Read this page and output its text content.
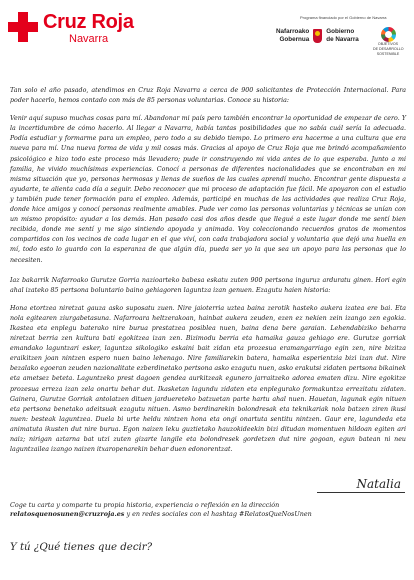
Cruz Roja
Navarra
Programa financiado por el Gobierno de Navarra
Nafarroako
Gobernua
Gobierno
de Navarra
OBJETIVOS
DE DESARROLLO
SOSTENIBLE

Tan solo el año pasado, atendimos en Cruz Roja Navarra a cerca de 900 solicitantes de Protección Internacional. Para poder hacerlo, hemos contado con más de 85 personas voluntarias. Conoce su historia:

Venir aquí supuso muchas cosas para mí. Abandonar mi país pero también encontrar la oportunidad de empezar de cero. Y la incertidumbre de cómo hacerlo. Al llegar a Navarra, había tantas posibilidades que no sabía cuál sería la adecuada. Podía estudiar y formarme para un empleo, pero todo a su debido tiempo. Lo primero era hacerme a una cultura que era nueva para mí. Una nueva forma de vida y mil cosas más. Gracias al apoyo de Cruz Roja que me brindó acompañamiento psicológico e hizo todo este proceso más llevadero; pude ir construyendo mi vida antes de lo que esperaba. Junto a mi familia, he vivido muchísimas experiencias. Conocí a personas de diferentes nacionalidades que se encontraban en mi misma situación que yo, personas hermosas y llenas de sueños de las cuales aprendí mucho. Encontrar gente dispuesta a ayudarte, te alienta cada día a seguir. Debo reconocer que mi proceso de adaptación fue fácil. Me apoyaron con el estudio y también pude tener formación para el empleo. Además, participé en muchas de las actividades que realiza Cruz Roja, donde hice amigos y conocí personas realmente amables. Pude ver como las personas voluntarias y técnicas se unían con un mismo propósito: ayudar a los demás. Han pasado casi dos años desde que llegué a este lugar donde me sentí bien recibida, donde me sentí y me sigo sintiendo apoyada y animada. Voy coleccionando recuerdos gratos de momentos compartidos con los vecinos de cada lugar en el que viví, con cada trabajadora social y voluntaria que dejó una huella en mí, todo esto lo guardo con la esperanza de que algún día, pueda ser yo la que sea un apoyo para las personas que lo necesiten.

Iaz bakarrik Nafarroako Gurutze Gorria nazioarteko babesa eskatu zuten 900 pertsona inguruz arduratu ginen. Hori egin ahal izateko 85 pertsona boluntario baino gehiagoren laguntza izan genuen. Ezagutu haien historia:

Hona etortzea niretzat gauza asko suposatu zuen. Nire jaioterria uztea baina zerotik hasteko aukera izatea ere bai. Eta nola egitearen ziurgabetasuna. Nafarroara heltzerakoan, hainbat aukera zeuden, ezen ez nekien zein izango zen egokia. Ikastea eta enplegu baterako nire burua prestatzea posiblea nuen, baina dena bere garaian. Lehendabiziko beharra niretzat berria zen kultura bati egokitzea izan zen. Bizimodu berria eta hamaika gauza gehiago ere. Gurutze gorriak emandako laguntzari esker, laguntza sikologiko eskaini bait zidan eta prozesua eramangarriago egin zen, nire bizitza eraikitzen joan nintzen espero nuen baino lehenago. Nire familiarekin batera, hamaika esperientzia bizi izan dut. Nire bezalako egoeran zeuden nazionalitate ezberdinetako pertsona asko ezagutu nuen, asko erakutsi zidaten pertsona bikainek eta ametsez beteta. Laguntzeko prest dagoen gendea aurkitzeak egunero jarraitzeko adorea ematen dizu. Nire egokitze prozesua erreza izan zela onartu behar dut. Ikasketan lagundu zidaten eta enplegurako formakuntza errezitatu zidaten. Gainera, Gurutze Gorriak antolatzen dituen jarduereteko batzuetan parte hartu ahal nuen. Hauetan, lagunak egin nituen eta pertsona benetako adeitsuak ezagutu nituen. Asmo berdinarekin bolondresak eta teknikariak nola batzen ziren ikusi nuen: besteak laguntzea. Duela bi urte heldu nintzen hona eta ongi onartuta sentitu nintzen. Gaur ere, lagundeda eta animatuta ikusten dut nire burua. Egon naizen leku guztietako hauzokideekin bizi ditudan momentuen hildoan egiten ari naiz; nirigan aztarna bat utzi zuten gizarte langile eta bolondresek gordetzen dut nire gogoan, egun batean ni neu laguntzailea izango naizen itxaropenarekin behar duen edonorentzat.

Natalia

Coge tu carta y comparte tu propia historia, experiencia o reflexión en la dirección

relatosquenosunen@cruzroja.es y en redes sociales con el hashtag #RelatosQueNosUnen

Y tú ¿Qué tienes que decir?
